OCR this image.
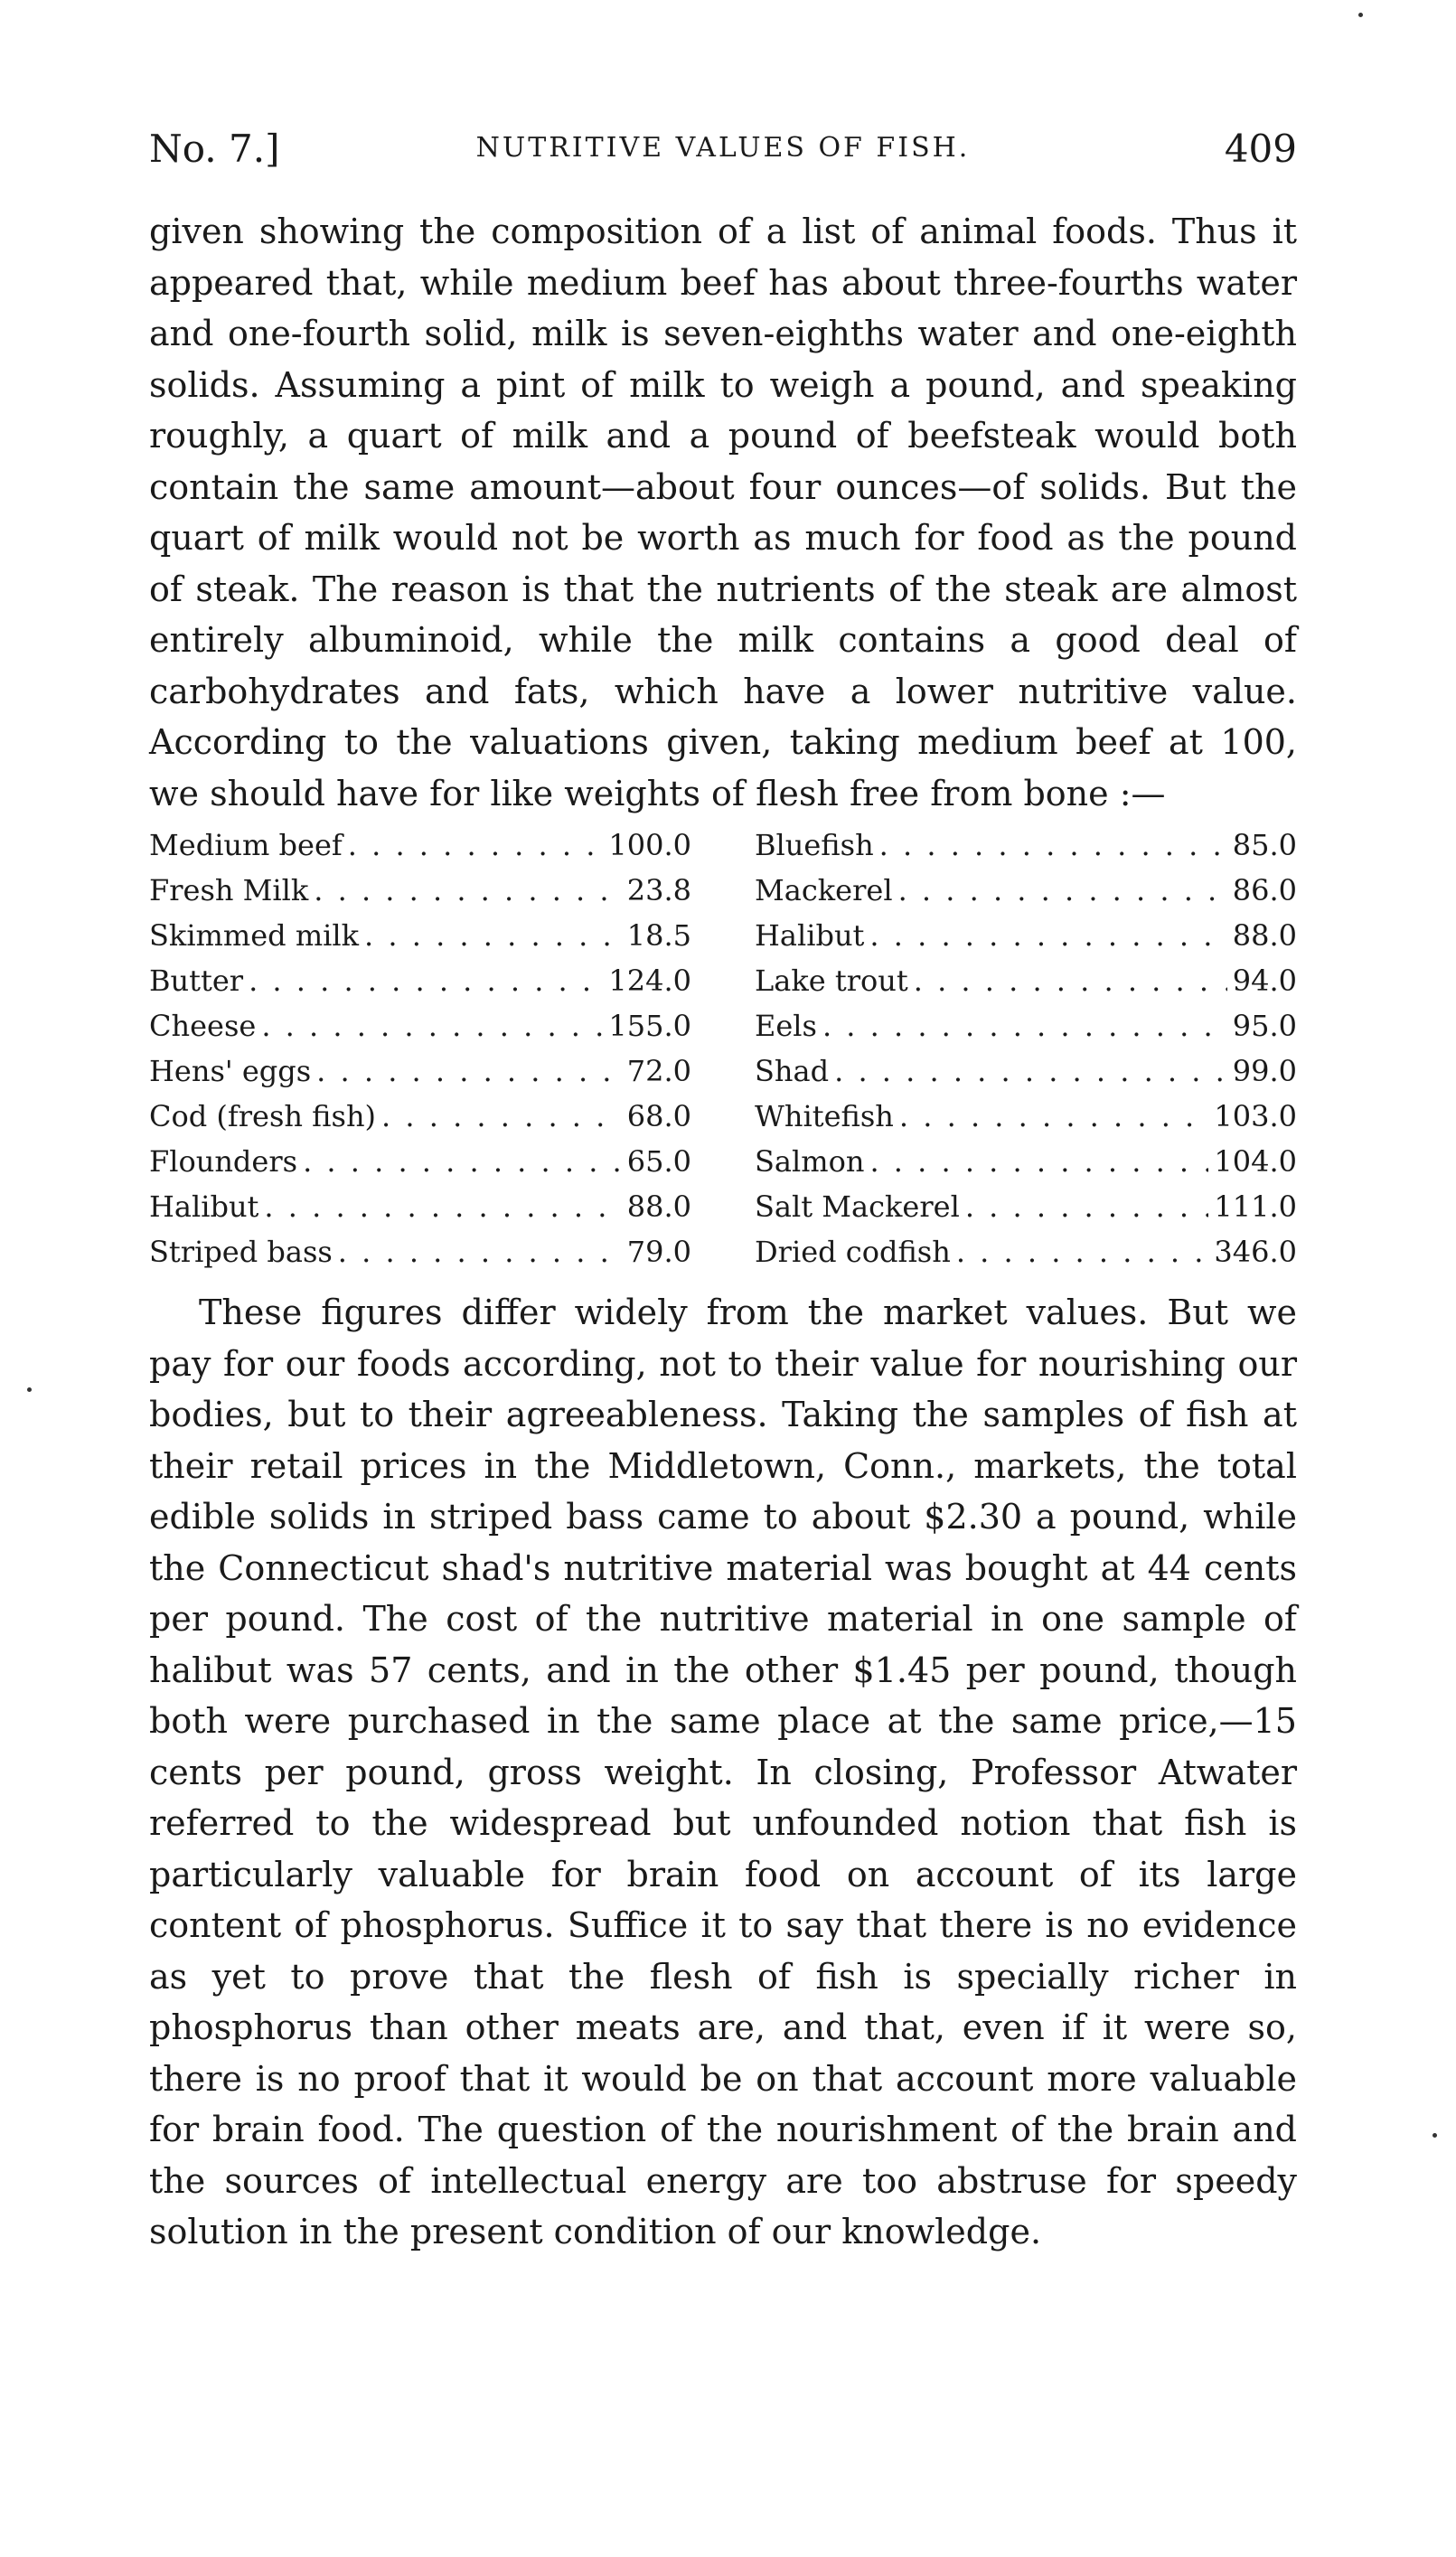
No. 7.]	NUTRITIVE VALUES OF FISH.	409

given showing the composition of a list of animal foods. Thus it appeared that, while medium beef has about three-fourths water and one-fourth solid, milk is seven-eighths water and one-eighth solids. Assuming a pint of milk to weigh a pound, and speaking roughly, a quart of milk and a pound of beefsteak would both contain the same amount—about four ounces—of solids. But the quart of milk would not be worth as much for food as the pound of steak. The reason is that the nutrients of the steak are almost entirely albuminoid, while the milk contains a good deal of carbohydrates and fats, which have a lower nutritive value. According to the valuations given, taking medium beef at 100, we should have for like weights of flesh free from bone :—

Medium beef . . .	100.0
Fresh Milk . . .	23.8
Skimmed milk . . .	18.5
Butter . . .	124.0
Cheese . . .	155.0
Hens' eggs . . .	72.0
Cod (fresh fish) . . .	68.0
Flounders . . .	65.0
Halibut . . .	88.0
Striped bass . . .	79.0
Bluefish . . .	85.0
Mackerel . . .	86.0
Halibut . . .	88.0
Lake trout . . .	94.0
Eels . . .	95.0
Shad . . .	99.0
Whitefish . . .	103.0
Salmon . . .	104.0
Salt Mackerel . . .	111.0
Dried codfish . . .	346.0

These figures differ widely from the market values. But we pay for our foods according, not to their value for nourishing our bodies, but to their agreeableness. Taking the samples of fish at their retail prices in the Middletown, Conn., markets, the total edible solids in striped bass came to about $2.30 a pound, while the Connecticut shad's nutritive material was bought at 44 cents per pound. The cost of the nutritive material in one sample of halibut was 57 cents, and in the other $1.45 per pound, though both were purchased in the same place at the same price,—15 cents per pound, gross weight. In closing, Professor Atwater referred to the widespread but unfounded notion that fish is particularly valuable for brain food on account of its large content of phosphorus. Suffice it to say that there is no evidence as yet to prove that the flesh of fish is specially richer in phosphorus than other meats are, and that, even if it were so, there is no proof that it would be on that account more valuable for brain food. The question of the nourishment of the brain and the sources of intellectual energy are too abstruse for speedy solution in the present condition of our knowledge.
